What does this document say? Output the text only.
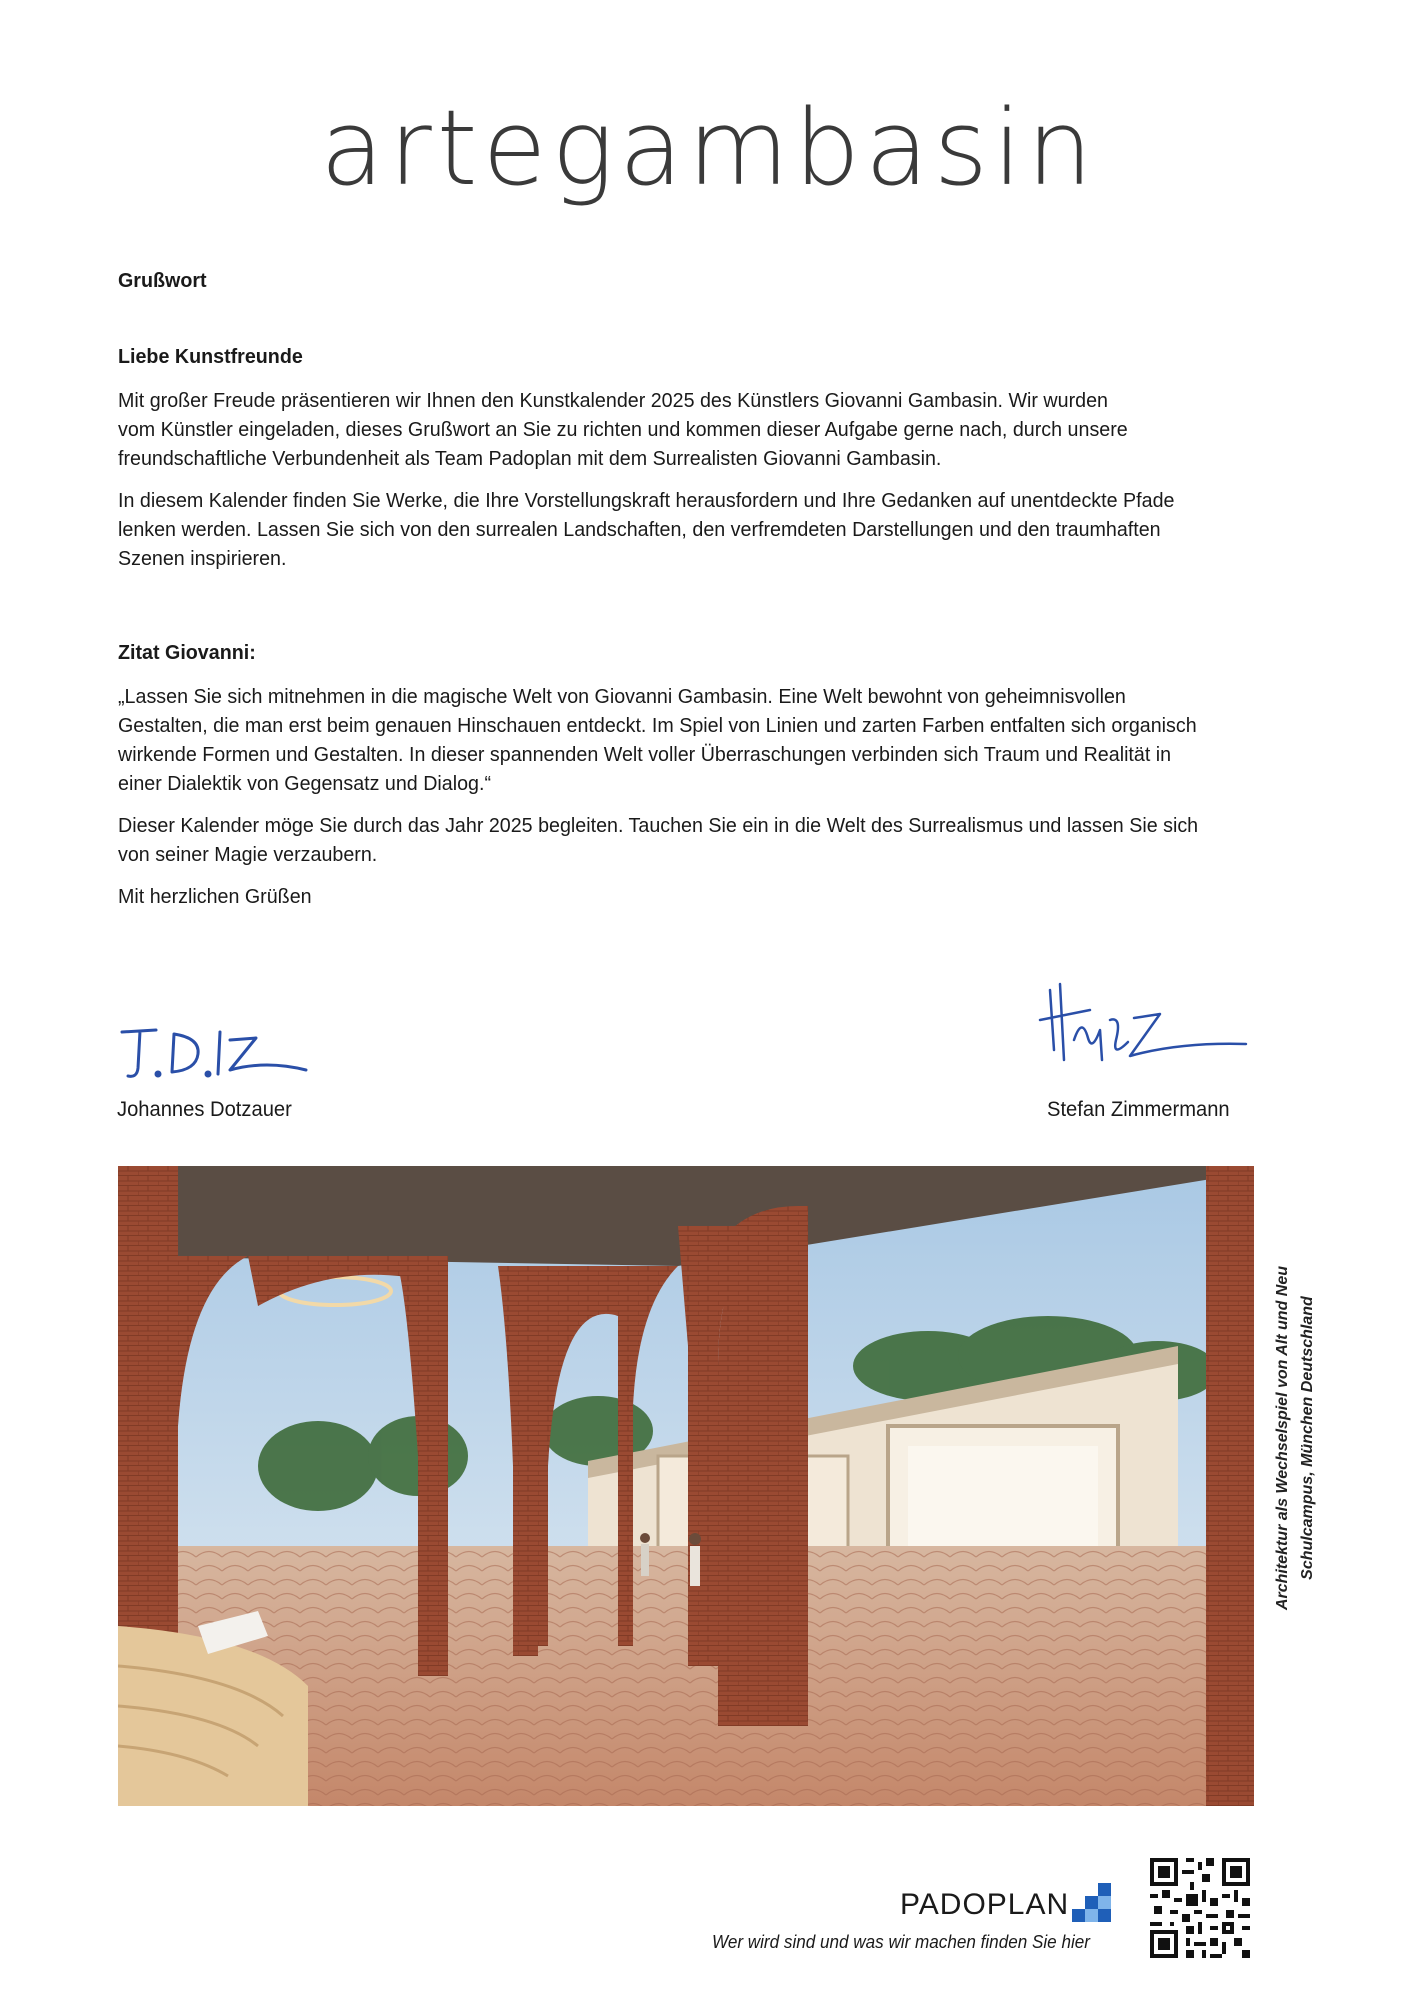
artegambasin

Grußwort

Liebe Kunstfreunde

Mit großer Freude präsentieren wir Ihnen den Kunstkalender 2025 des Künstlers Giovanni Gambasin. Wir wurden

vom Künstler eingeladen, dieses Grußwort an Sie zu richten und kommen dieser Aufgabe gerne nach, durch unsere

freundschaftliche Verbundenheit als Team Padoplan mit dem Surrealisten Giovanni Gambasin.

In diesem Kalender finden Sie Werke, die Ihre Vorstellungskraft herausfordern und Ihre Gedanken auf unentdeckte Pfade

lenken werden. Lassen Sie sich von den surrealen Landschaften, den verfremdeten Darstellungen und den traumhaften

Szenen inspirieren.

Zitat Giovanni:

„Lassen Sie sich mitnehmen in die magische Welt von Giovanni Gambasin. Eine Welt bewohnt von geheimnisvollen

Gestalten, die man erst beim genauen Hinschauen entdeckt. Im Spiel von Linien und zarten Farben entfalten sich organisch

wirkende Formen und Gestalten. In dieser spannenden Welt voller Überraschungen verbinden sich Traum und Realität in

einer Dialektik von Gegensatz und Dialog.“

Dieser Kalender möge Sie durch das Jahr 2025 begleiten. Tauchen Sie ein in die Welt des Surrealismus und lassen Sie sich

von seiner Magie verzaubern.

Mit herzlichen Grüßen

Johannes Dotzauer	Stefan Zimmermann
Architektur als Wechselspiel von Alt und Neu Schulcampus, München Deutschland
PADOPLAN
Wer wird sind und was wir machen finden Sie hier
